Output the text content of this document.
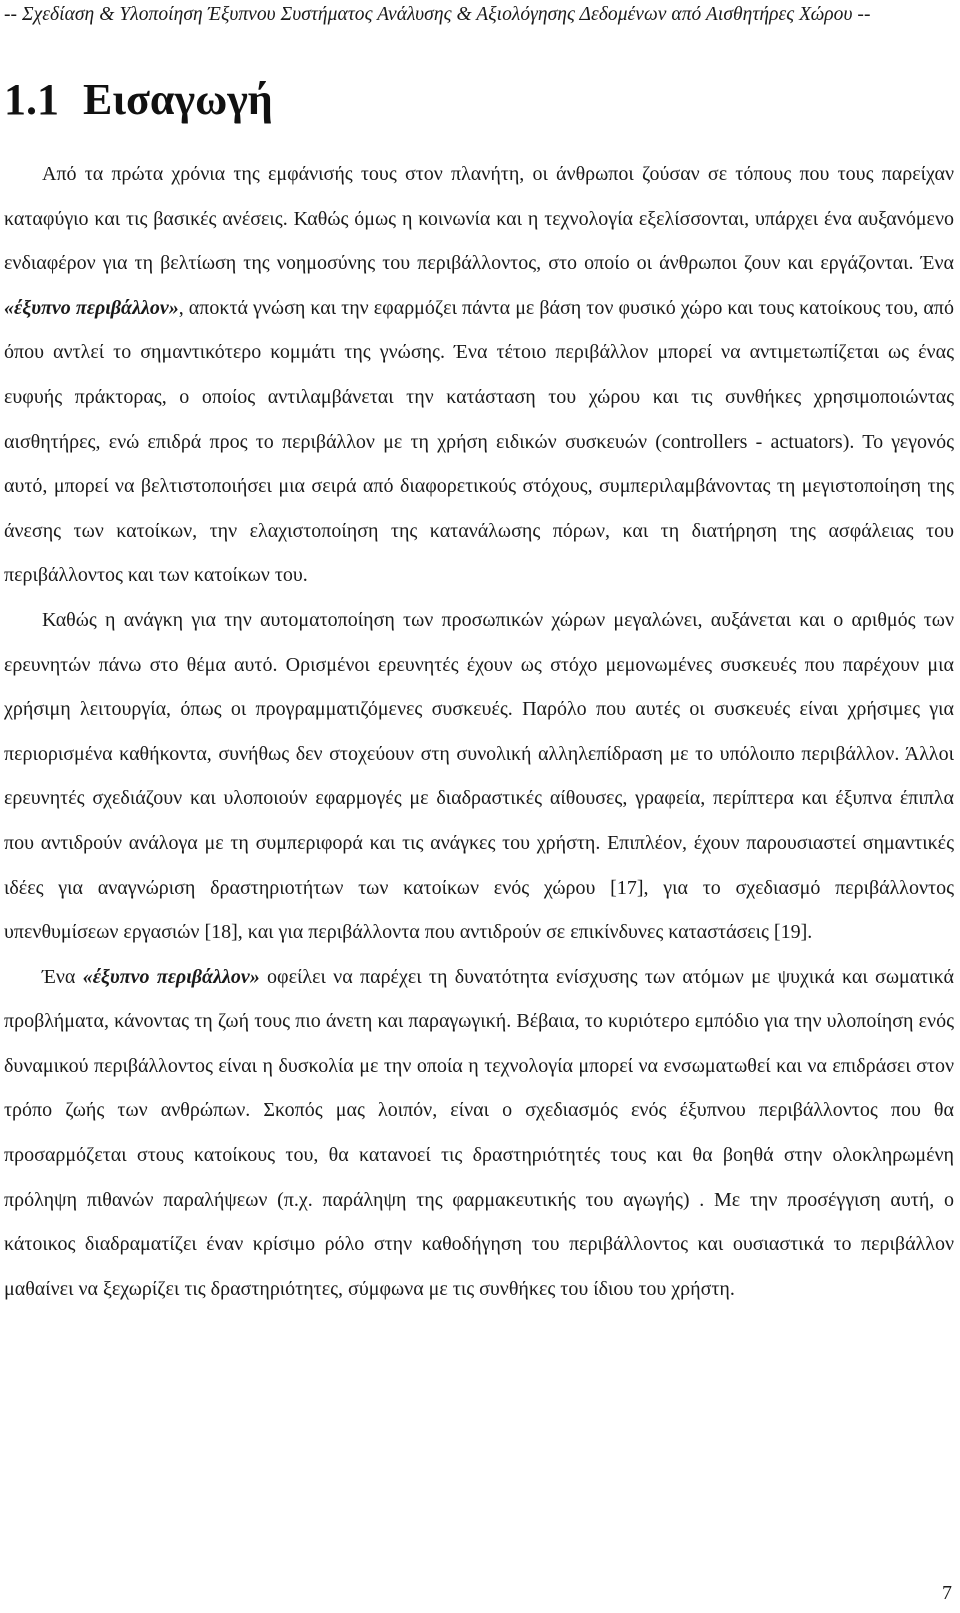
-- Σχεδίαση & Υλοποίηση Έξυπνου Συστήματος Ανάλυσης & Αξιολόγησης Δεδομένων από Αισθητήρες Χώρου --
1.1 Εισαγωγή

Από τα πρώτα χρόνια της εμφάνισής τους στον πλανήτη, οι άνθρωποι ζούσαν σε τόπους που τους παρείχαν καταφύγιο και τις βασικές ανέσεις. Καθώς όμως η κοινωνία και η τεχνολογία εξελίσσονται, υπάρχει ένα αυξανόμενο ενδιαφέρον για τη βελτίωση της νοημοσύνης του περιβάλλοντος, στο οποίο οι άνθρωποι ζουν και εργάζονται. Ένα «έξυπνο περιβάλλον», αποκτά γνώση και την εφαρμόζει πάντα με βάση τον φυσικό χώρο και τους κατοίκους του, από όπου αντλεί το σημαντικότερο κομμάτι της γνώσης. Ένα τέτοιο περιβάλλον μπορεί να αντιμετωπίζεται ως ένας ευφυής πράκτορας, ο οποίος αντιλαμβάνεται την κατάσταση του χώρου και τις συνθήκες χρησιμοποιώντας αισθητήρες, ενώ επιδρά προς το περιβάλλον με τη χρήση ειδικών συσκευών (controllers - actuators). Το γεγονός αυτό, μπορεί να βελτιστοποιήσει μια σειρά από διαφορετικούς στόχους, συμπεριλαμβάνοντας τη μεγιστοποίηση της άνεσης των κατοίκων, την ελαχιστοποίηση της κατανάλωσης πόρων, και τη διατήρηση της ασφάλειας του περιβάλλοντος και των κατοίκων του.

Καθώς η ανάγκη για την αυτοματοποίηση των προσωπικών χώρων μεγαλώνει, αυξάνεται και ο αριθμός των ερευνητών πάνω στο θέμα αυτό. Ορισμένοι ερευνητές έχουν ως στόχο μεμονωμένες συσκευές που παρέχουν μια χρήσιμη λειτουργία, όπως οι προγραμματιζόμενες συσκευές. Παρόλο που αυτές οι συσκευές είναι χρήσιμες για περιορισμένα καθήκοντα, συνήθως δεν στοχεύουν στη συνολική αλληλεπίδραση με το υπόλοιπο περιβάλλον. Άλλοι ερευνητές σχεδιάζουν και υλοποιούν εφαρμογές με διαδραστικές αίθουσες, γραφεία, περίπτερα και έξυπνα έπιπλα που αντιδρούν ανάλογα με τη συμπεριφορά και τις ανάγκες του χρήστη. Επιπλέον, έχουν παρουσιαστεί σημαντικές ιδέες για αναγνώριση δραστηριοτήτων των κατοίκων ενός χώρου [17], για το σχεδιασμό περιβάλλοντος υπενθυμίσεων εργασιών [18], και για περιβάλλοντα που αντιδρούν σε επικίνδυνες καταστάσεις [19].

Ένα «έξυπνο περιβάλλον» οφείλει να παρέχει τη δυνατότητα ενίσχυσης των ατόμων με ψυχικά και σωματικά προβλήματα, κάνοντας τη ζωή τους πιο άνετη και παραγωγική. Βέβαια, το κυριότερο εμπόδιο για την υλοποίηση ενός δυναμικού περιβάλλοντος είναι η δυσκολία με την οποία η τεχνολογία μπορεί να ενσωματωθεί και να επιδράσει στον τρόπο ζωής των ανθρώπων. Σκοπός μας λοιπόν, είναι ο σχεδιασμός ενός έξυπνου περιβάλλοντος που θα προσαρμόζεται στους κατοίκους του, θα κατανοεί τις δραστηριότητές τους και θα βοηθά στην ολοκληρωμένη πρόληψη πιθανών παραλήψεων (π.χ. παράληψη της φαρμακευτικής του αγωγής) . Με την προσέγγιση αυτή, ο κάτοικος διαδραματίζει έναν κρίσιμο ρόλο στην καθοδήγηση του περιβάλλοντος και ουσιαστικά το περιβάλλον μαθαίνει να ξεχωρίζει τις δραστηριότητες, σύμφωνα με τις συνθήκες του ίδιου του χρήστη.

7
